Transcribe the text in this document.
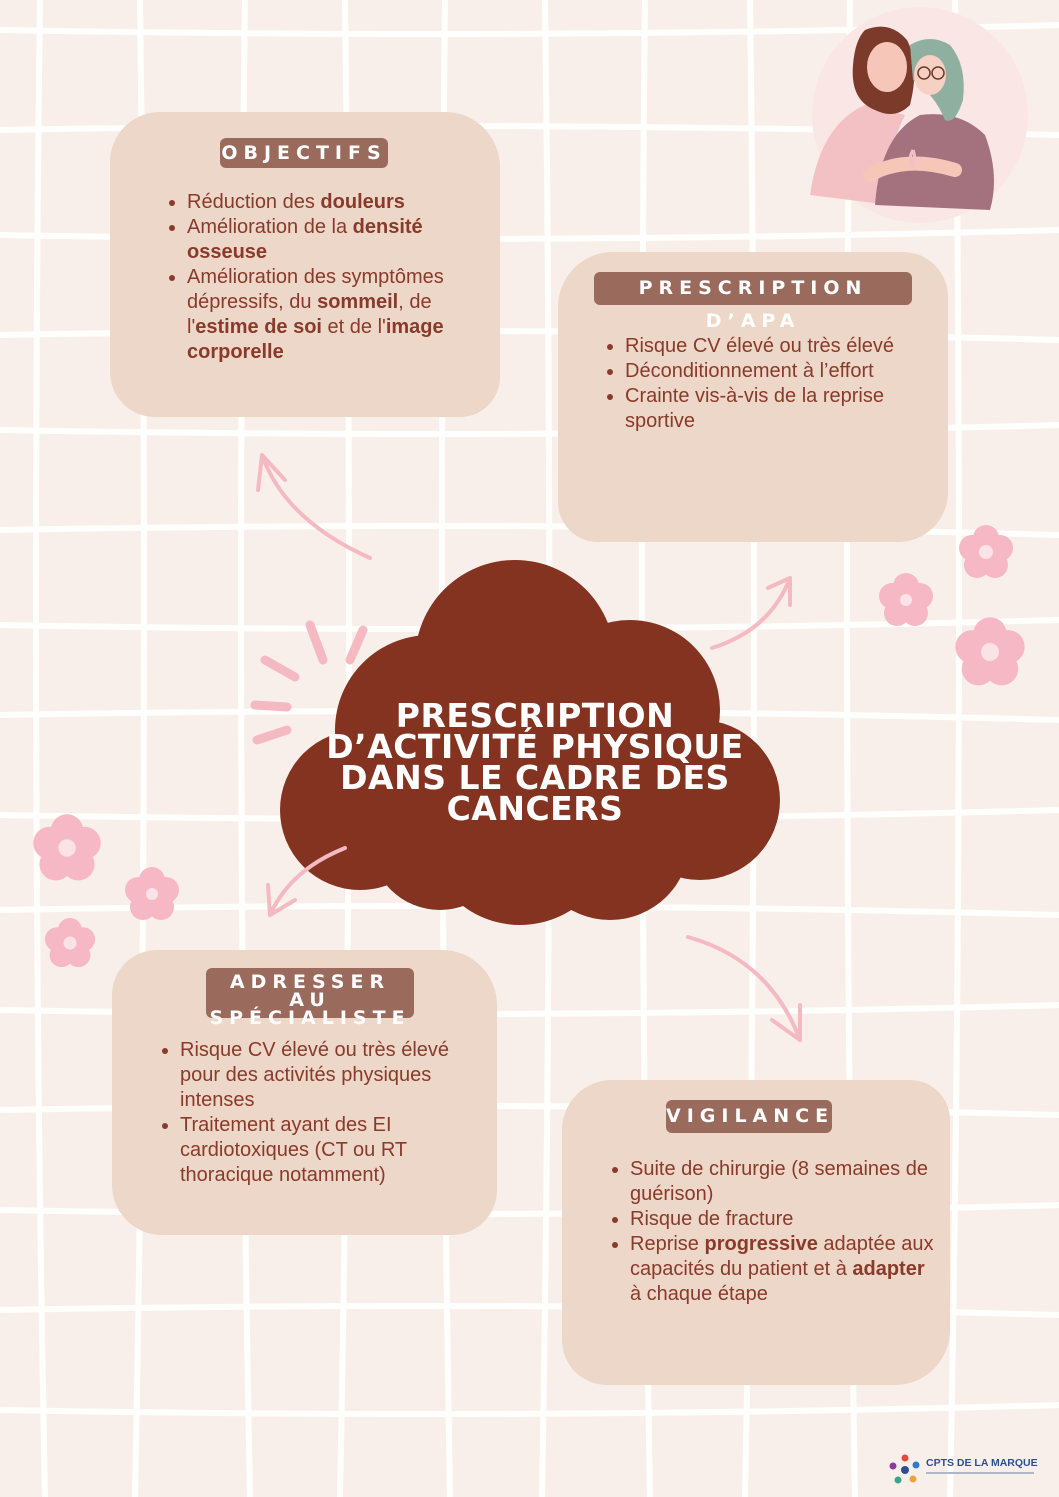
OBJECTIFS
• Réduction des douleurs
• Amélioration de la densité osseuse
• Amélioration des symptômes dépressifs, du sommeil, de l'estime de soi et de l'image corporelle
PRESCRIPTION D’APA
• Risque CV élevé ou très élevé
• Déconditionnement à l’effort
• Crainte vis-à-vis de la reprise sportive
ADRESSER AU
SPÉCIALISTE
• Risque CV élevé ou très élevé pour des activités physiques intenses
• Traitement ayant des EI cardiotoxiques (CT ou RT thoracique notamment)
VIGILANCE
• Suite de chirurgie (8 semaines de guérison)
• Risque de fracture
• Reprise progressive adaptée aux capacités du patient et à adapter à chaque étape
PRESCRIPTION
D’ACTIVITÉ PHYSIQUE
DANS LE CADRE DES
CANCERS
CPTS DE LA MARQUE
